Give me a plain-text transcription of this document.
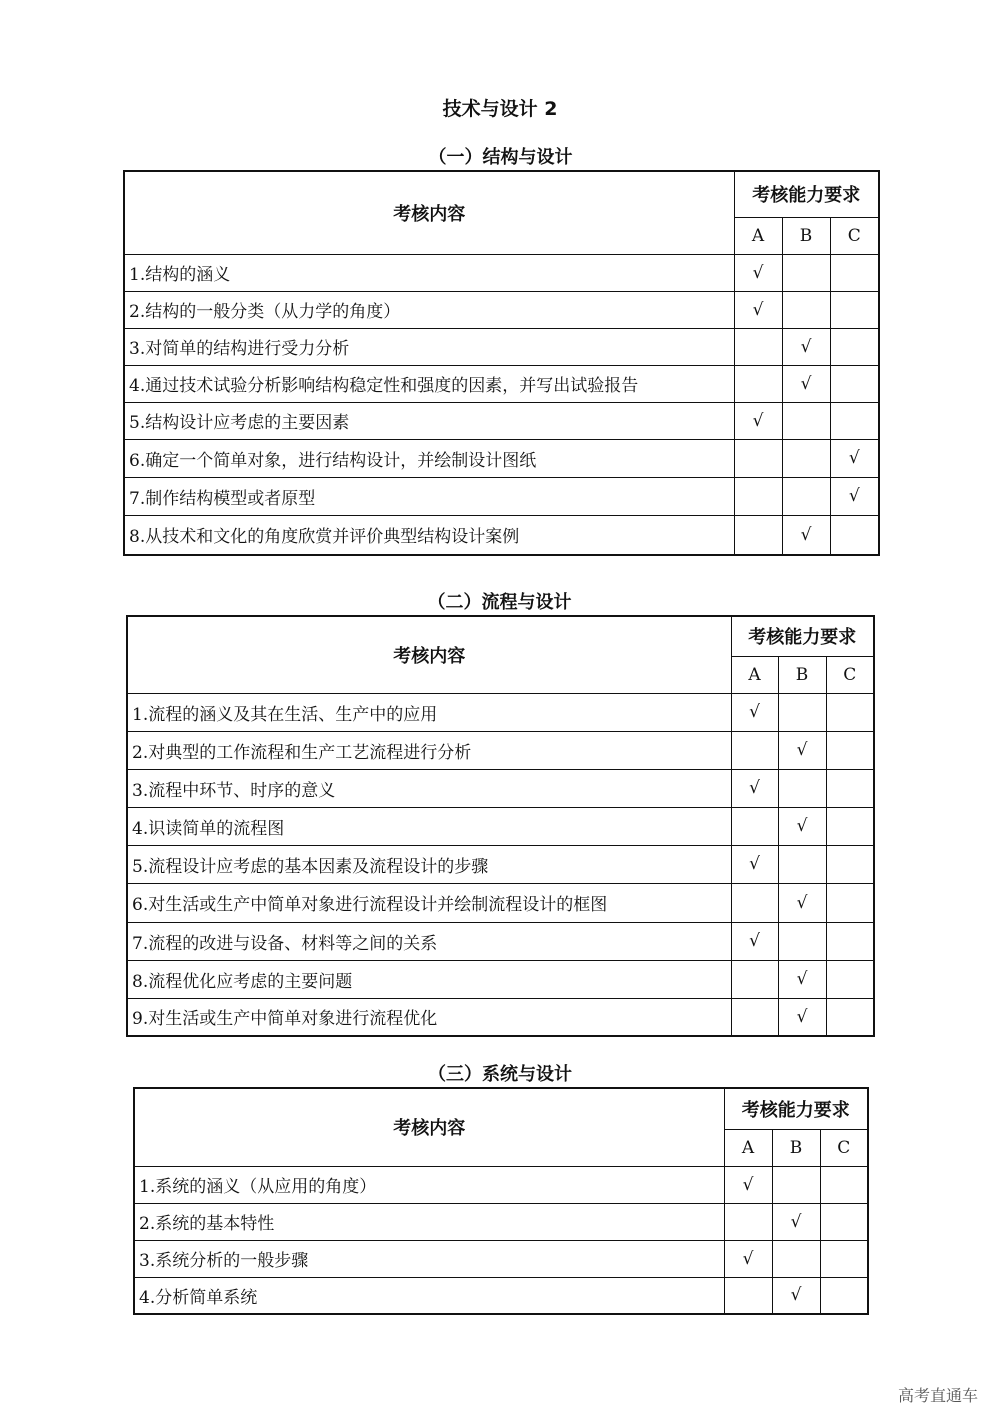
技术与设计 2
（一）结构与设计
考核内容	考核能力要求		
	A	B	C
1.结构的涵义	√		
2.结构的一般分类（从力学的角度）	√		
3.对简单的结构进行受力分析		√	
4.通过技术试验分析影响结构稳定性和强度的因素，并写出试验报告		√	
5.结构设计应考虑的主要因素	√		
6.确定一个简单对象，进行结构设计，并绘制设计图纸			√
7.制作结构模型或者原型			√
8.从技术和文化的角度欣赏并评价典型结构设计案例		√	
（二）流程与设计
考核内容	考核能力要求		
	A	B	C
1.流程的涵义及其在生活、生产中的应用	√		
2.对典型的工作流程和生产工艺流程进行分析		√	
3.流程中环节、时序的意义	√		
4.识读简单的流程图		√	
5.流程设计应考虑的基本因素及流程设计的步骤	√		
6.对生活或生产中简单对象进行流程设计并绘制流程设计的框图		√	
7.流程的改进与设备、材料等之间的关系	√		
8.流程优化应考虑的主要问题		√	
9.对生活或生产中简单对象进行流程优化		√	
（三）系统与设计
考核内容	考核能力要求		
	A	B	C
1.系统的涵义（从应用的角度）	√		
2.系统的基本特性		√	
3.系统分析的一般步骤	√		
4.分析简单系统		√	
高考直通车
